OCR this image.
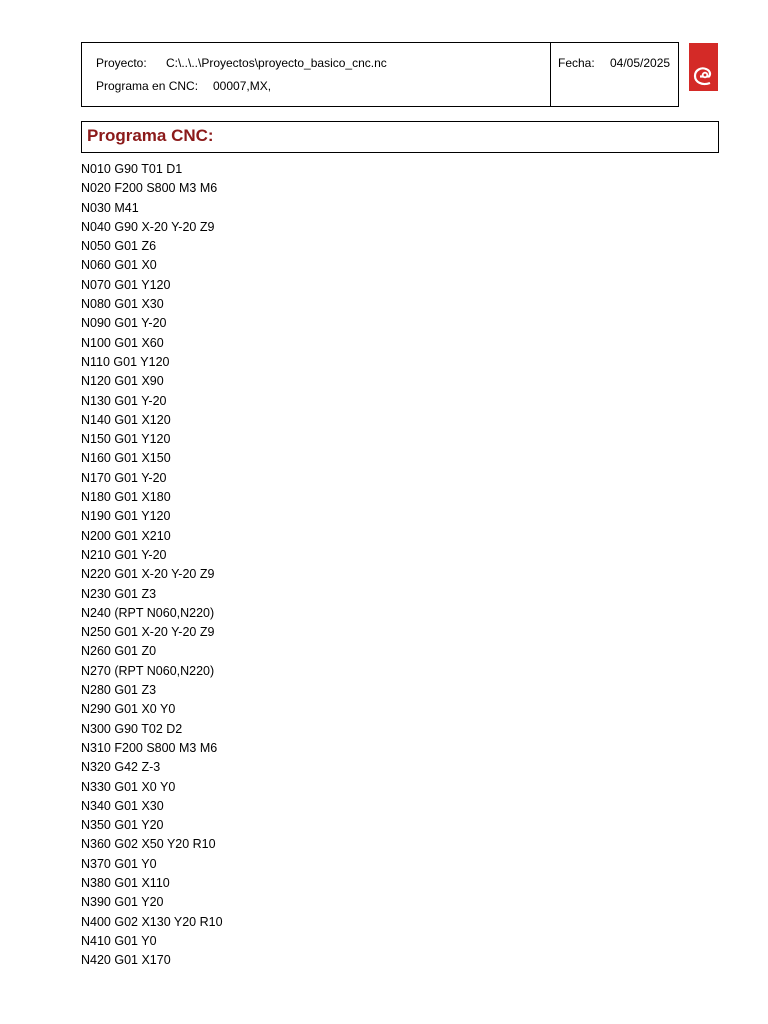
Proyecto: C:\..\..\Proyectos\proyecto_basico_cnc.nc
Programa en CNC: 00007,MX,
Fecha: 04/05/2025
Programa CNC:
N010 G90 T01 D1
N020 F200 S800 M3 M6
N030 M41
N040 G90 X-20 Y-20 Z9
N050 G01 Z6
N060 G01 X0
N070 G01 Y120
N080 G01 X30
N090 G01 Y-20
N100 G01 X60
N110 G01 Y120
N120 G01 X90
N130 G01 Y-20
N140 G01 X120
N150 G01 Y120
N160 G01 X150
N170 G01 Y-20
N180 G01 X180
N190 G01 Y120
N200 G01 X210
N210 G01 Y-20
N220 G01 X-20 Y-20 Z9
N230 G01 Z3
N240 (RPT N060,N220)
N250 G01 X-20 Y-20 Z9
N260 G01 Z0
N270 (RPT N060,N220)
N280 G01 Z3
N290 G01 X0 Y0
N300 G90 T02 D2
N310 F200 S800 M3 M6
N320 G42 Z-3
N330 G01 X0 Y0
N340 G01 X30
N350 G01 Y20
N360 G02 X50 Y20 R10
N370 G01 Y0
N380 G01 X110
N390 G01 Y20
N400 G02 X130 Y20 R10
N410 G01 Y0
N420 G01 X170
